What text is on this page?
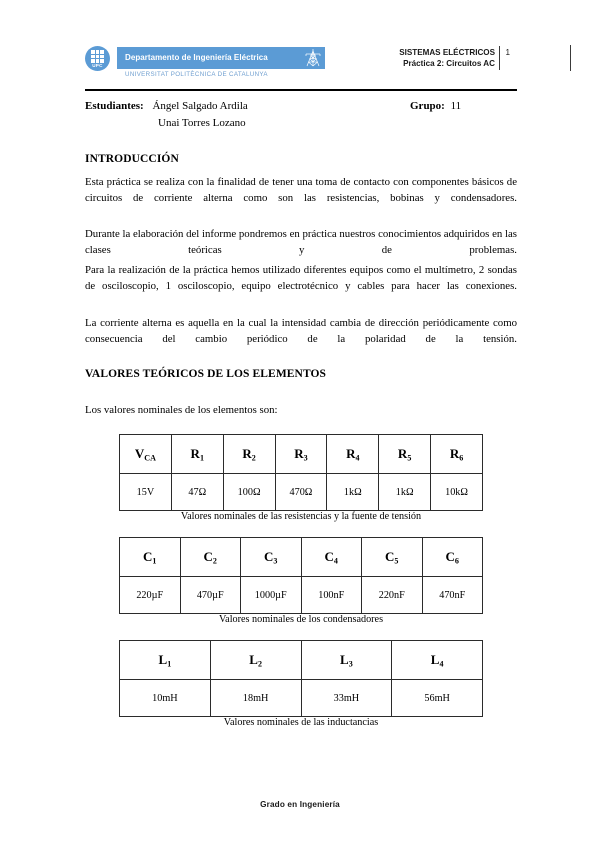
UPC
Departamento de Ingeniería Eléctrica
UNIVERSITAT POLITÈCNICA DE CATALUNYA
SISTEMAS ELÉCTRICOS
Práctica 2: Circuitos AC
1
Estudiantes: Ángel Salgado Ardila
Unai Torres Lozano
Grupo: 11
INTRODUCCIÓN
Esta práctica se realiza con la finalidad de tener una toma de contacto con componentes básicos de circuitos de corriente alterna como son las resistencias, bobinas y condensadores.
Durante la elaboración del informe pondremos en práctica nuestros conocimientos adquiridos en las clases teóricas y de problemas.
Para la realización de la práctica hemos utilizado diferentes equipos como el multímetro, 2 sondas de osciloscopio, 1 osciloscopio, equipo electrotécnico y cables para hacer las conexiones.
La corriente alterna es aquella en la cual la intensidad cambia de dirección periódicamente como consecuencia del cambio periódico de la polaridad de la tensión.
VALORES TEÓRICOS DE LOS ELEMENTOS
Los valores nominales de los elementos son:
$V_{CA}$	$R_1$	$R_2$	$R_3$	$R_4$	$R_5$	$R_6$
15V	47Ω	100Ω	470Ω	1kΩ	1kΩ	10kΩ
Valores nominales de las resistencias y la fuente de tensión
$C_1$	$C_2$	$C_3$	$C_4$	$C_5$	$C_6$
220µF	470µF	1000µF	100nF	220nF	470nF
Valores nominales de los condensadores
$L_1$	$L_2$	$L_3$	$L_4$
10mH	18mH	33mH	56mH
Valores nominales de las inductancias
Grado en Ingeniería
